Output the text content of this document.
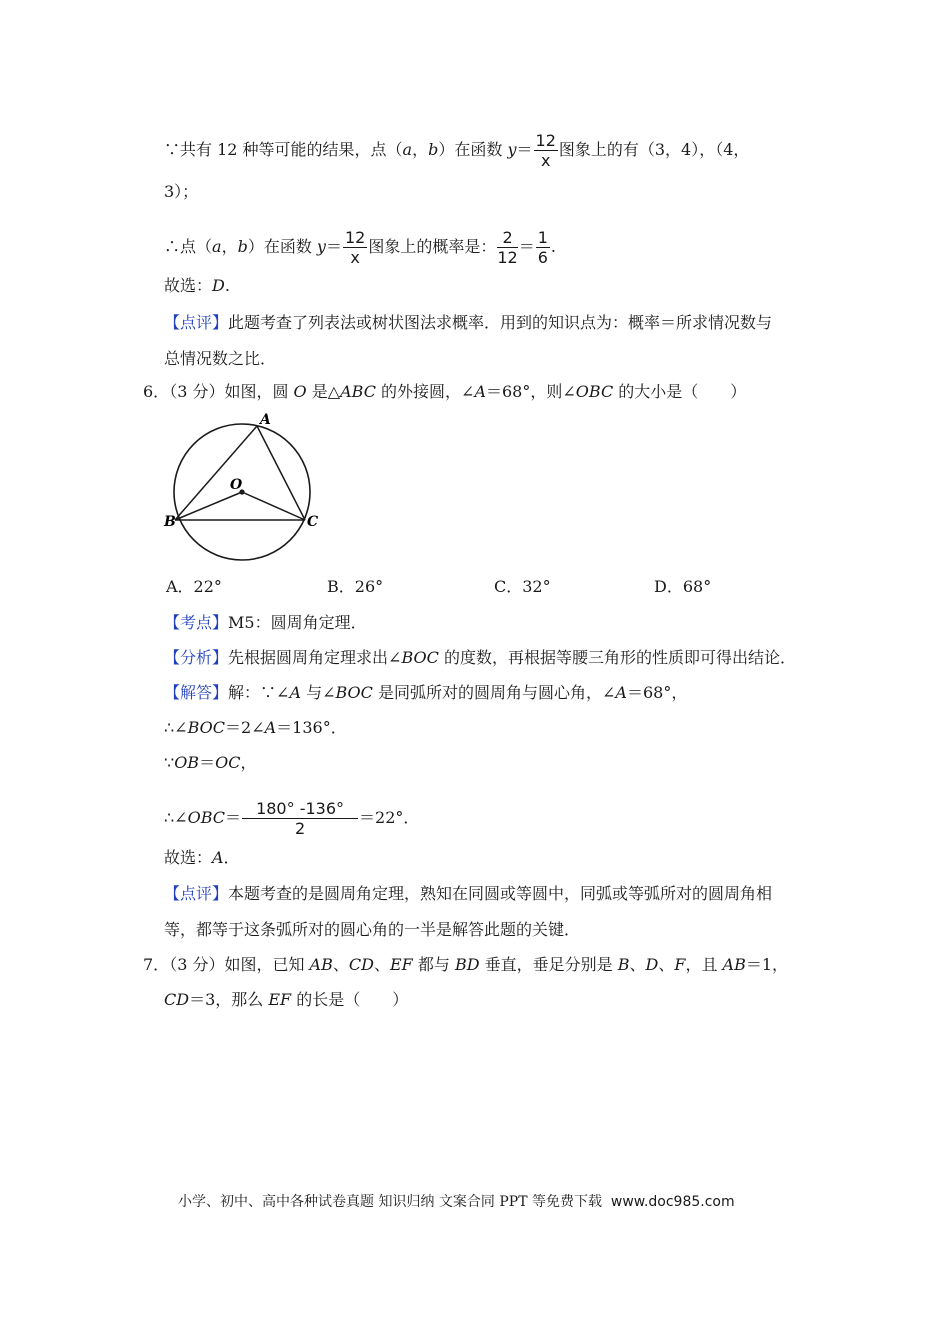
∵共有 12 种等可能的结果，点（a，b）在函数 $y= \frac{12}{x}$ 图象上的有（3，4），（4，
3）；
∴点（a，b）在函数 $y= \frac{12}{x}$ 图象上的概率是： $\frac{2}{12} = \frac{1}{6}$ .
故选：D.
【点评】此题考查了列表法或树状图法求概率．用到的知识点为：概率＝所求情况数与
总情况数之比．
6．（3 分）如图，圆 O 是△ABC 的外接圆，∠A＝68°，则∠OBC 的大小是（　　）
A
O
B	C
A．22°	B．26°	C．32°	D．68°
【考点】M5：圆周角定理．
【分析】先根据圆周角定理求出∠BOC 的度数，再根据等腰三角形的性质即可得出结论．
【解答】解：∵∠A 与∠BOC 是同弧所对的圆周角与圆心角，∠A＝68°，
∴∠BOC＝2∠A＝136°．
∵OB＝OC，
∴∠OBC＝ $\frac{180^\circ -136^\circ}{2} =22^\circ$．
故选：A．
【点评】本题考查的是圆周角定理，熟知在同圆或等圆中，同弧或等弧所对的圆周角相
等，都等于这条弧所对的圆心角的一半是解答此题的关键．
7．（3 分）如图，已知 AB、CD、EF 都与 BD 垂直，垂足分别是 B、D、F，且 AB＝1，
CD＝3，那么 EF 的长是（　　）
小学、初中、高中各种试卷真题 知识归纳 文案合同 PPT 等免费下载 www.doc985.com
